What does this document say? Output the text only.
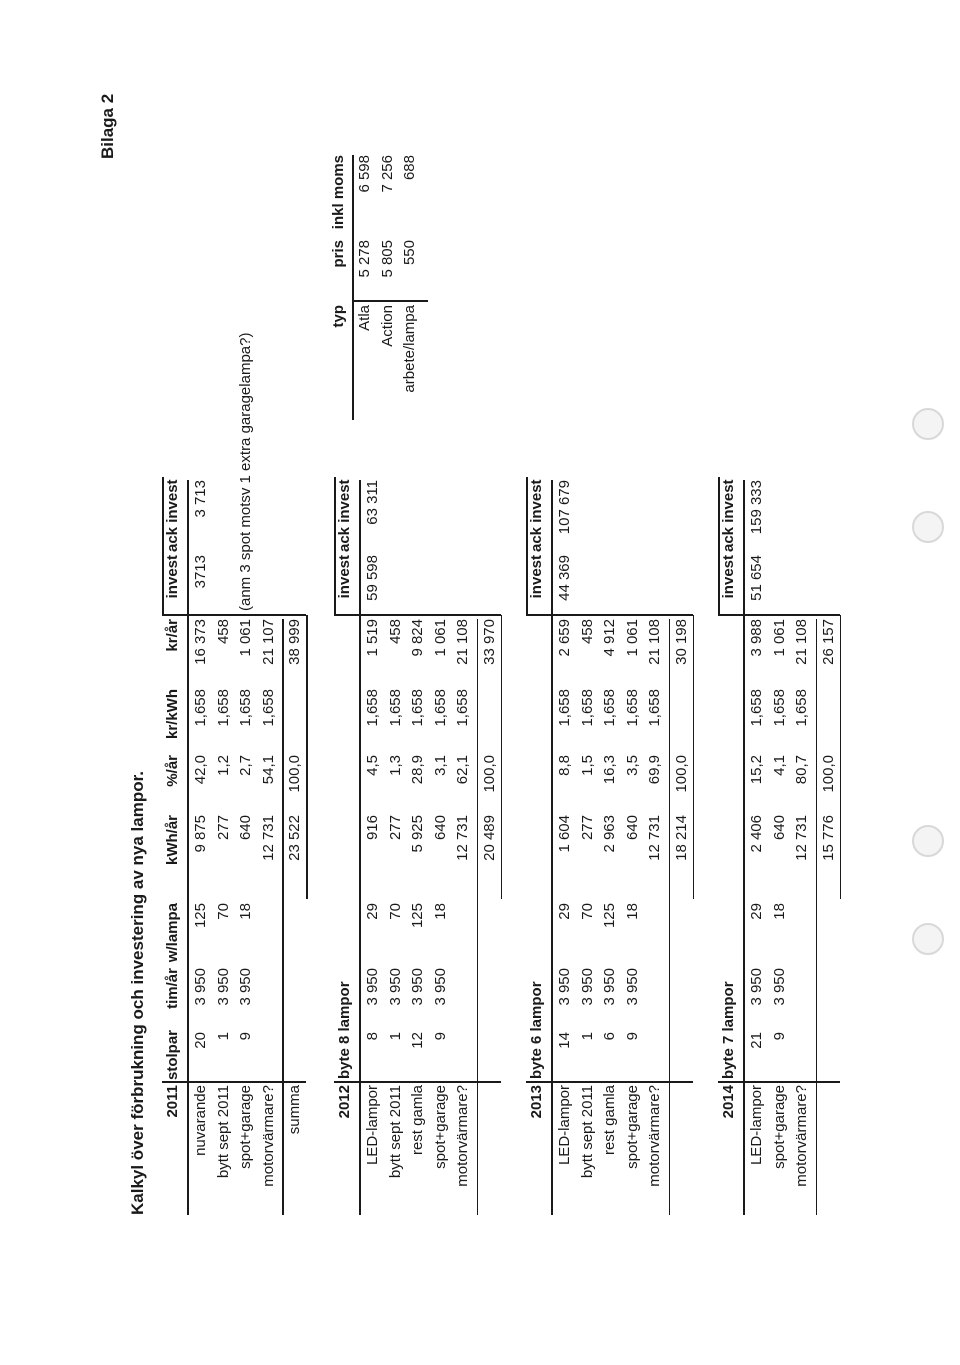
Bilaga 2
Kalkyl över förbrukning och investering av nya lampor. 2011
stolpar
tim/år
w/lampa
kWh/år
%/år
kr/kWh
kr/år
invest
ack invest
nuvarande
20
3 950
125
9 875
42,0
1,658
16 373
bytt sept 2011
1
3 950
70
277
1,2
1,658
458
spot+garage
9
3 950
18
640
2,7
1,658
1 061
motorvärmare?
12 731
54,1
1,658
21 107
3713
3 713
summa
23 522
100,0
38 999
2012
byte 8 lampor
invest
ack invest
LED-lampor
8
3 950
29
916
4,5
1,658
1 519
bytt sept 2011
1
3 950
70
277
1,3
1,658
458
rest gamla
12
3 950
125
5 925
28,9
1,658
9 824
spot+garage
9
3 950
18
640
3,1
1,658
1 061
motorvärmare?
12 731
62,1
1,658
21 108
59 598
63 311
20 489
100,0
33 970
2013
byte 6 lampor
invest
ack invest
LED-lampor
14
3 950
29
1 604
8,8
1,658
2 659
bytt sept 2011
1
3 950
70
277
1,5
1,658
458
rest gamla
6
3 950
125
2 963
16,3
1,658
4 912
spot+garage
9
3 950
18
640
3,5
1,658
1 061
motorvärmare?
12 731
69,9
1,658
21 108
44 369
107 679
18 214
100,0
30 198
2014
byte 7 lampor
invest
ack invest
LED-lampor
21
3 950
29
2 406
15,2
1,658
3 988
spot+garage
9
3 950
18
640
4,1
1,658
1 061
motorvärmare?
12 731
80,7
1,658
21 108
51 654
159 333
15 776
100,0
26 157
(anm 3 spot motsv 1 extra garagelampa?)
typ
pris
inkl moms
Atla
5 278
6 598
Action
5 805
7 256
arbete/lampa
550
688
